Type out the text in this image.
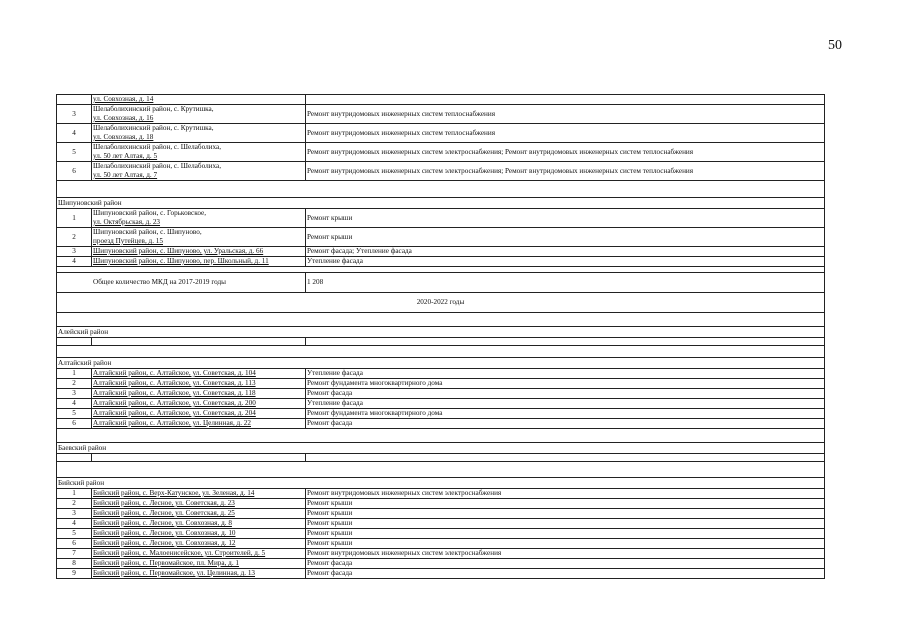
50

	ул. Совхозная, д. 14	

3	Шелаболихинский район, с. Крутишка,
ул. Совхозная, д. 16	Ремонт внутридомовых инженерных систем теплоснабжения
4	Шелаболихинский район, с. Крутишка,
ул. Совхозная, д. 18	Ремонт внутридомовых инженерных систем теплоснабжения
5	Шелаболихинский район, с. Шелаболиха,
ул. 50 лет Алтая, д. 5	Ремонт внутридомовых инженерных систем электроснабжения; Ремонт внутридомовых инженерных систем теплоснабжения
6	Шелаболихинский район, с. Шелаболиха,
ул. 50 лет Алтая, д. 7	Ремонт внутридомовых инженерных систем электроснабжения; Ремонт внутридомовых инженерных систем теплоснабжения

Шипуновский район		
1	Шипуновский район, с. Горьковское,
ул. Октябрьская, д. 23	Ремонт крыши
2	Шипуновский район, с. Шипуново,
проезд Путейцев, д. 15	Ремонт крыши
3	Шипуновский район, с. Шипуново, ул. Уральская, д. 66	Ремонт фасада; Утепление фасада
4	Шипуновский район, с. Шипуново, пер. Школьный, д. 11	Утепление фасада

Общее количество МКД на 2017-2019 годы		1 208
2020-2022 годы		

Алейский район		

Алтайский район		
1	Алтайский район, с. Алтайское, ул. Советская, д. 104	Утепление фасада
2	Алтайский район, с. Алтайское, ул. Советская, д. 113	Ремонт фундамента многоквартирного дома
3	Алтайский район, с. Алтайское, ул. Советская, д. 118	Ремонт фасада
4	Алтайский район, с. Алтайское, ул. Советская, д. 200	Утепление фасада
5	Алтайский район, с. Алтайское, ул. Советская, д. 204	Ремонт фундамента многоквартирного дома
6	Алтайский район, с. Алтайское, ул. Целинная, д. 22	Ремонт фасада

Баевский район		

Бийский район		
1	Бийский район, с. Верх-Катунское, ул. Зеленая, д. 14	Ремонт внутридомовых инженерных систем электроснабжения
2	Бийский район, с. Лесное, ул. Советская, д. 23	Ремонт крыши
3	Бийский район, с. Лесное, ул. Советская, д. 25	Ремонт крыши
4	Бийский район, с. Лесное, ул. Совхозная, д. 8	Ремонт крыши
5	Бийский район, с. Лесное, ул. Совхозная, д. 10	Ремонт крыши
6	Бийский район, с. Лесное, ул. Совхозная, д. 12	Ремонт крыши
7	Бийский район, с. Малоенисейское, ул. Строителей, д. 5	Ремонт внутридомовых инженерных систем электроснабжения
8	Бийский район, с. Первомайское, пл. Мира, д. 1	Ремонт фасада
9	Бийский район, с. Первомайское, ул. Целинная, д. 13	Ремонт фасада
